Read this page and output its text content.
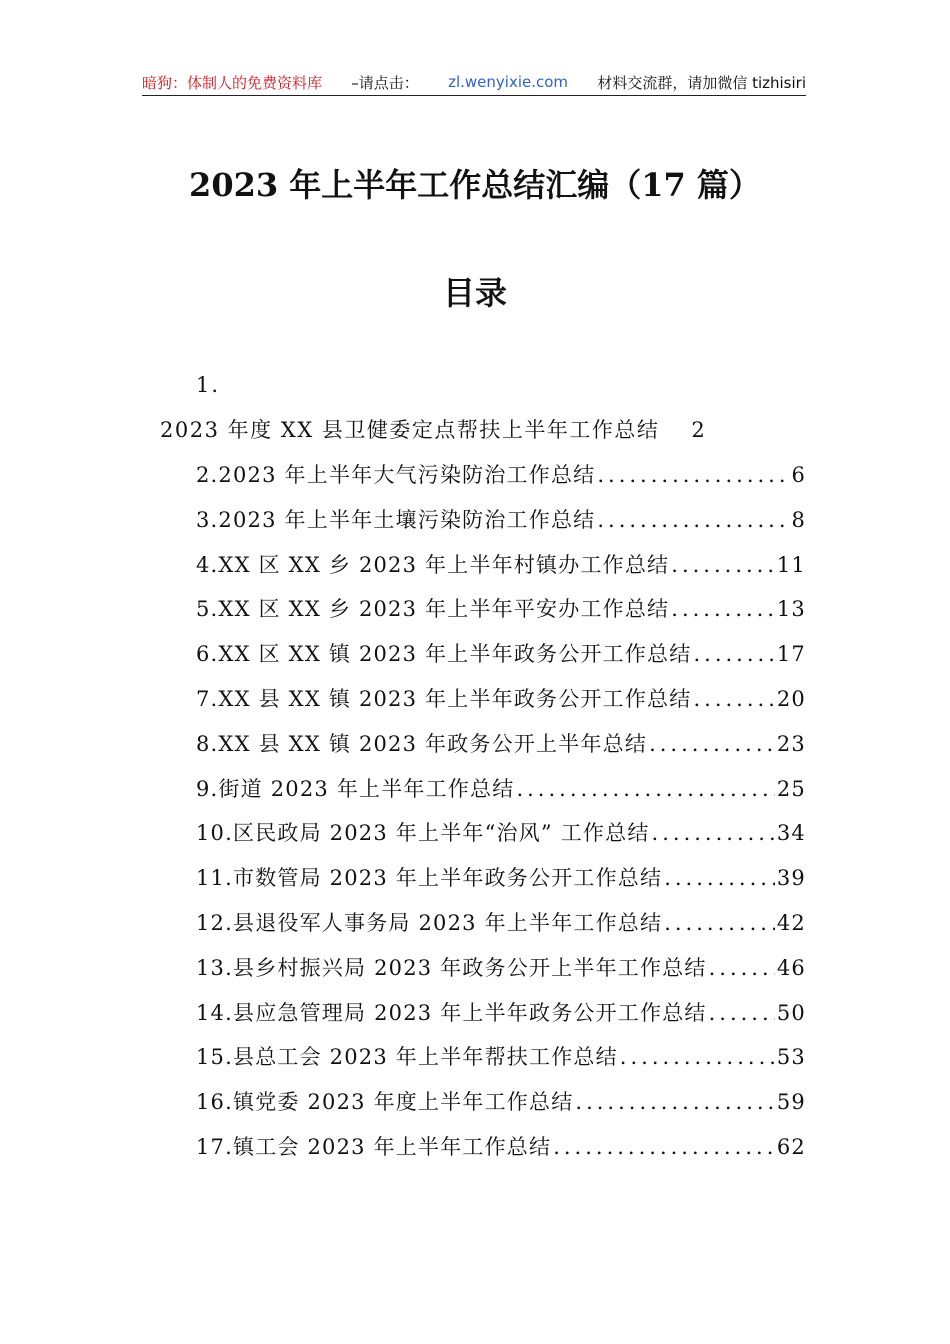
暗狗：体制人的免费资料库 –请点击： zl.wenyixie.com 材料交流群，请加微信 tizhisiri
2023 年上半年工作总结汇编（17 篇）
目录
1.
2023 年度 XX 县卫健委定点帮扶上半年工作总结 2
2.2023 年上半年大气污染防治工作总结 .....	6
3.2023 年上半年土壤污染防治工作总结 .....	8
4.XX 区 XX 乡 2023 年上半年村镇办工作总结 .....	11
5.XX 区 XX 乡 2023 年上半年平安办工作总结 .....	13
6.XX 区 XX 镇 2023 年上半年政务公开工作总结 .....	17
7.XX 县 XX 镇 2023 年上半年政务公开工作总结 .....	20
8.XX 县 XX 镇 2023 年政务公开上半年总结 .....	23
9.街道 2023 年上半年工作总结 .....	25
10.区民政局 2023 年上半年“治风” 工作总结 .....	34
11.市数管局 2023 年上半年政务公开工作总结 .....	39
12.县退役军人事务局 2023 年上半年工作总结 .....	42
13.县乡村振兴局 2023 年政务公开上半年工作总结 .....	46
14.县应急管理局 2023 年上半年政务公开工作总结 .....	50
15.县总工会 2023 年上半年帮扶工作总结 .....	53
16.镇党委 2023 年度上半年工作总结 .....	59
17.镇工会 2023 年上半年工作总结 .....	62
